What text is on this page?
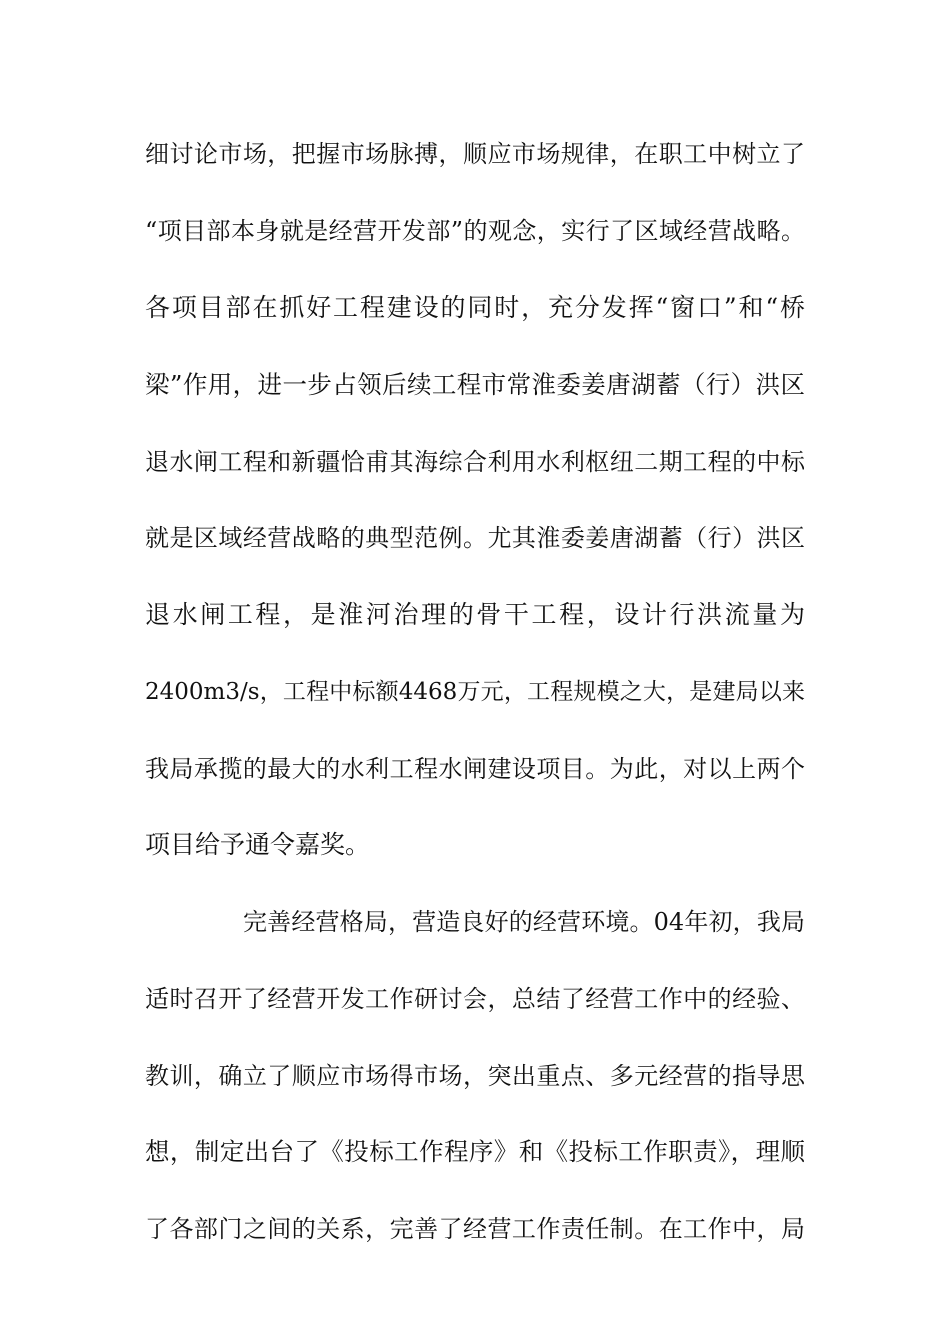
细讨论市场，把握市场脉搏，顺应市场规律，在职工中树立了
“项目部本身就是经营开发部”的观念，实行了区域经营战略。
各项目部在抓好工程建设的同时，充分发挥“窗口”和“桥
梁”作用，进一步占领后续工程市常淮委姜唐湖蓄（行）洪区
退水闸工程和新疆恰甫其海综合利用水利枢纽二期工程的中标
就是区域经营战略的典型范例。尤其淮委姜唐湖蓄（行）洪区
退水闸工程，是淮河治理的骨干工程，设计行洪流量为
2400m3/s，工程中标额4468万元，工程规模之大，是建局以来
我局承揽的最大的水利工程水闸建设项目。为此，对以上两个
项目给予通令嘉奖。
完善经营格局，营造良好的经营环境。04年初，我局
适时召开了经营开发工作研讨会，总结了经营工作中的经验、
教训，确立了顺应市场得市场，突出重点、多元经营的指导思
想，制定出台了《投标工作程序》和《投标工作职责》，理顺
了各部门之间的关系，完善了经营工作责任制。在工作中，局
